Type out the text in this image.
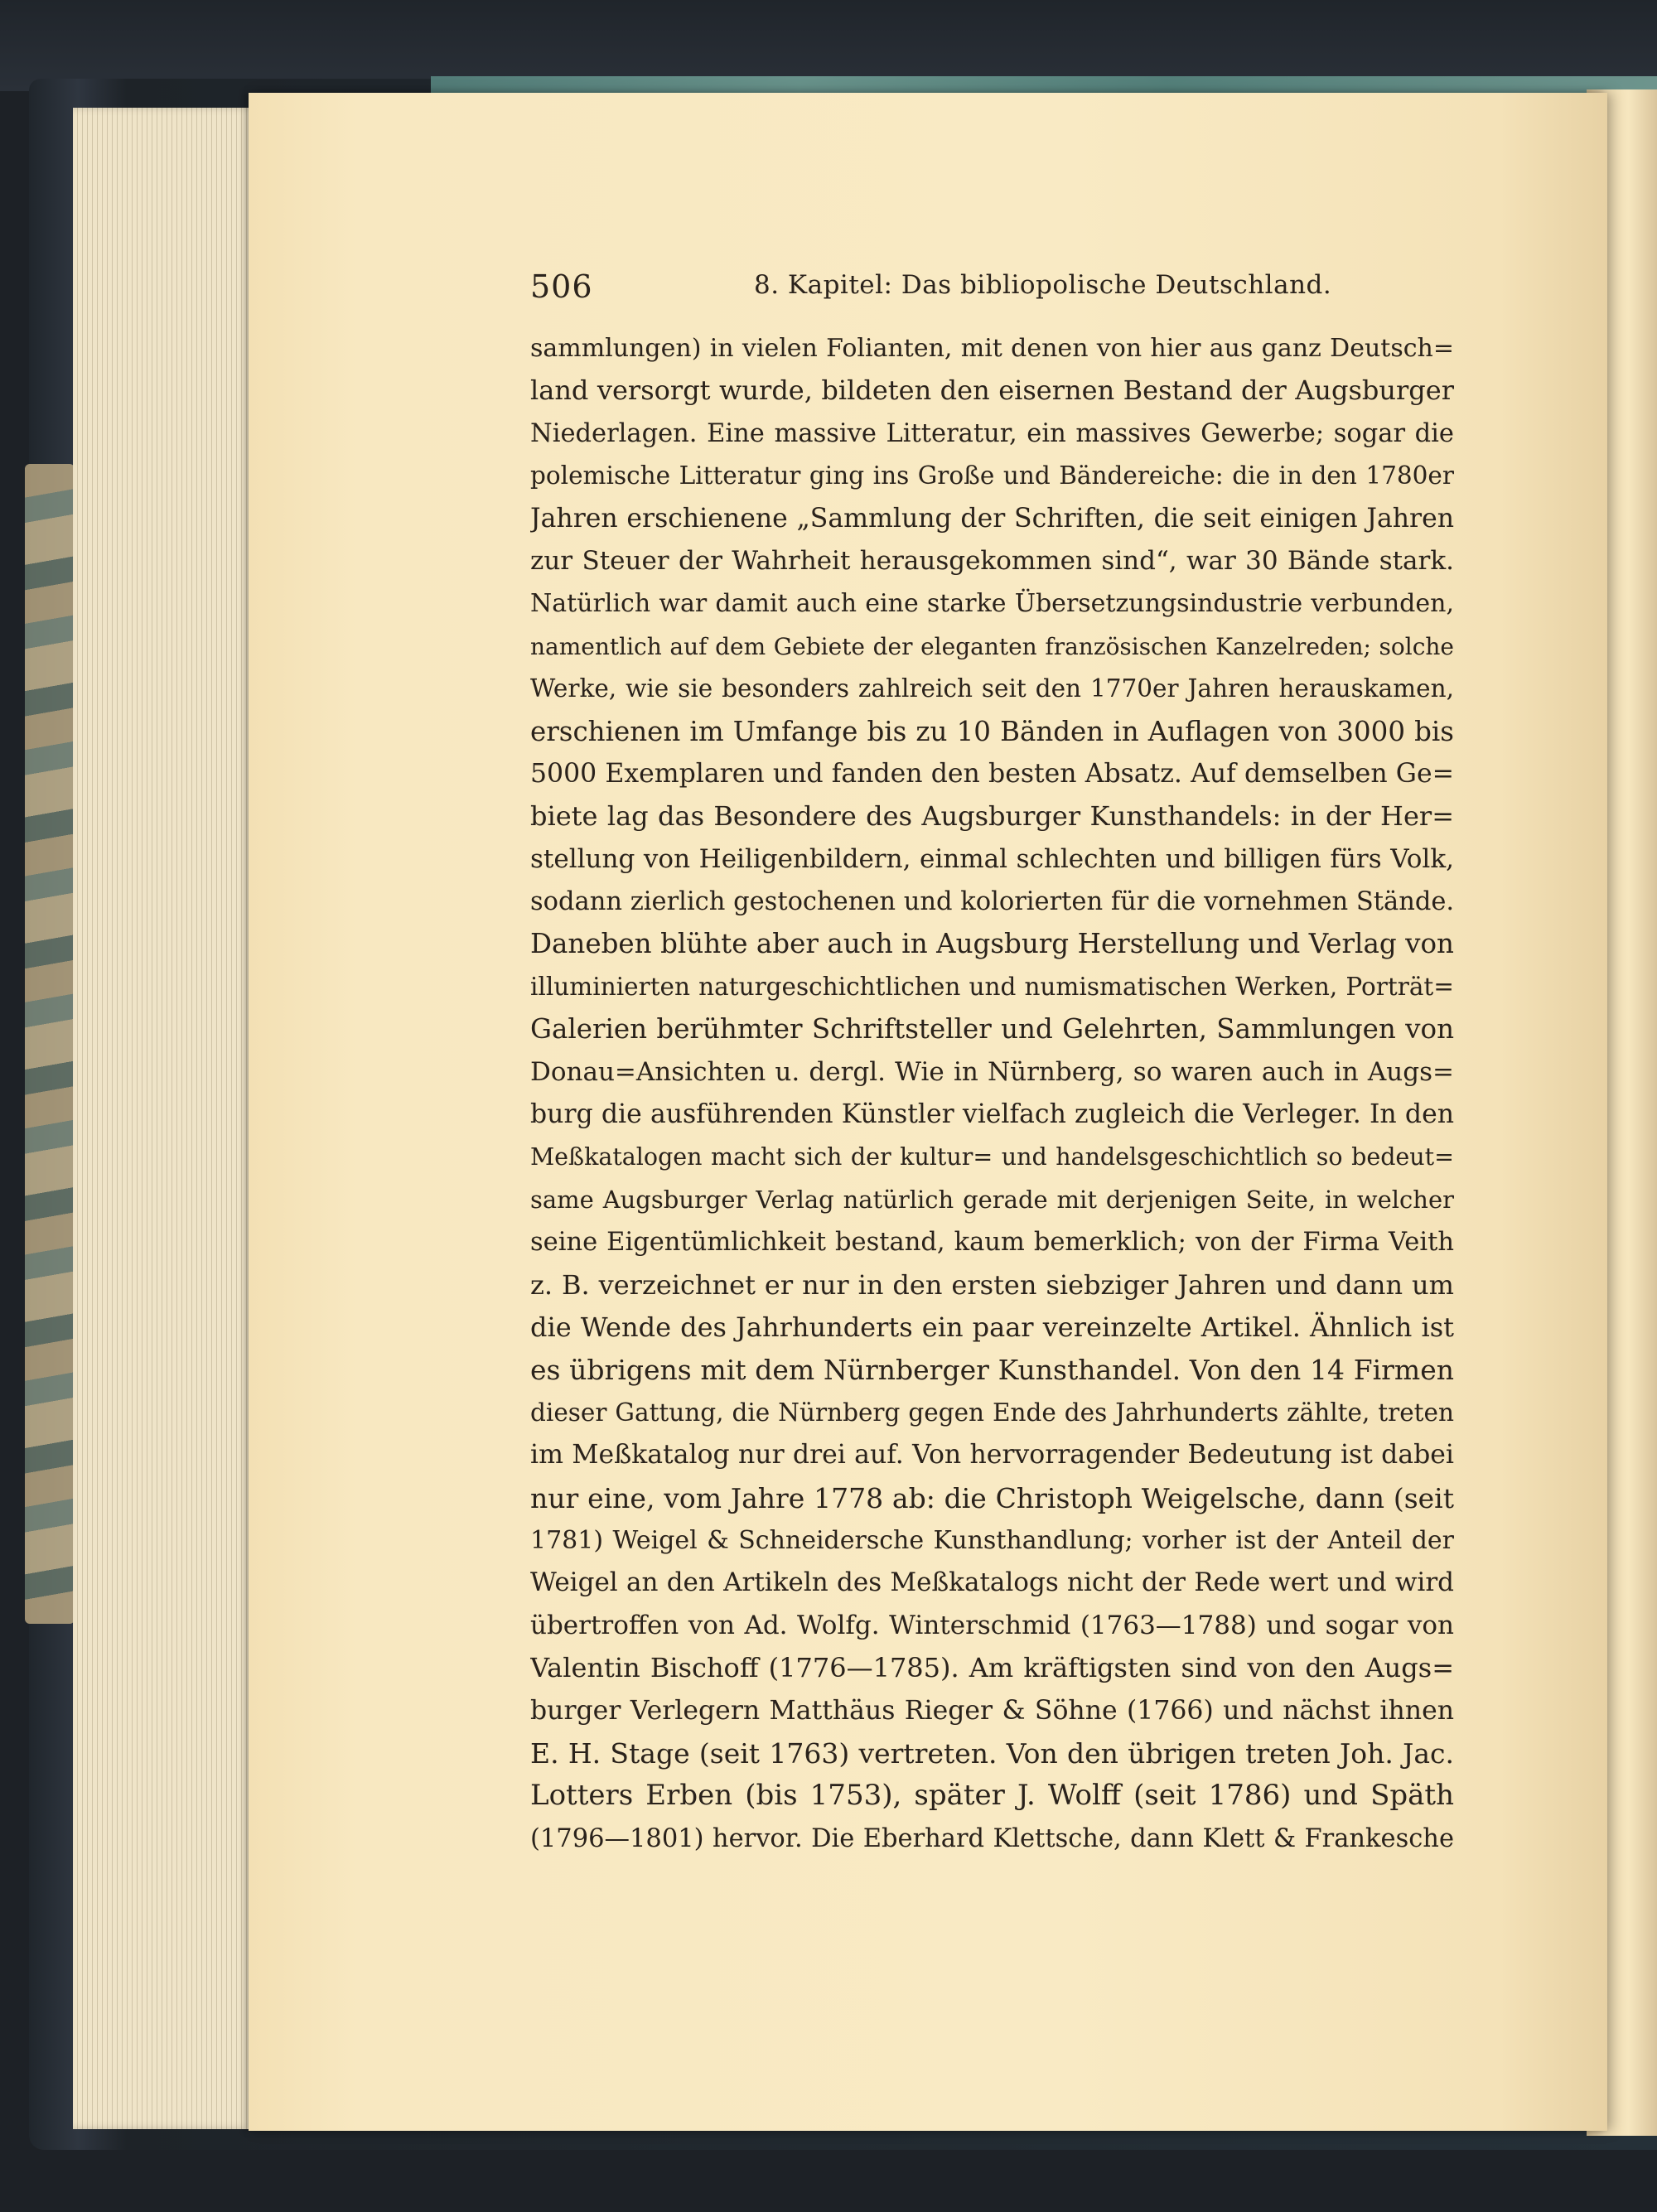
506	8. Kapitel: Das bibliopolische Deutschland.
sammlungen) in vielen Folianten, mit denen von hier aus ganz Deutsch=
land versorgt wurde, bildeten den eisernen Bestand der Augsburger
Niederlagen. Eine massive Litteratur, ein massives Gewerbe; sogar die
polemische Litteratur ging ins Große und Bändereiche: die in den 1780er
Jahren erschienene „Sammlung der Schriften, die seit einigen Jahren
zur Steuer der Wahrheit herausgekommen sind“, war 30 Bände stark.
Natürlich war damit auch eine starke Übersetzungsindustrie verbunden,
namentlich auf dem Gebiete der eleganten französischen Kanzelreden; solche
Werke, wie sie besonders zahlreich seit den 1770er Jahren herauskamen,
erschienen im Umfange bis zu 10 Bänden in Auflagen von 3000 bis
5000 Exemplaren und fanden den besten Absatz. Auf demselben Ge=
biete lag das Besondere des Augsburger Kunsthandels: in der Her=
stellung von Heiligenbildern, einmal schlechten und billigen fürs Volk,
sodann zierlich gestochenen und kolorierten für die vornehmen Stände.
Daneben blühte aber auch in Augsburg Herstellung und Verlag von
illuminierten naturgeschichtlichen und numismatischen Werken, Porträt=
Galerien berühmter Schriftsteller und Gelehrten, Sammlungen von
Donau=Ansichten u. dergl. Wie in Nürnberg, so waren auch in Augs=
burg die ausführenden Künstler vielfach zugleich die Verleger. In den
Meßkatalogen macht sich der kultur= und handelsgeschichtlich so bedeut=
same Augsburger Verlag natürlich gerade mit derjenigen Seite, in welcher
seine Eigentümlichkeit bestand, kaum bemerklich; von der Firma Veith
z. B. verzeichnet er nur in den ersten siebziger Jahren und dann um
die Wende des Jahrhunderts ein paar vereinzelte Artikel. Ähnlich ist
es übrigens mit dem Nürnberger Kunsthandel. Von den 14 Firmen
dieser Gattung, die Nürnberg gegen Ende des Jahrhunderts zählte, treten
im Meßkatalog nur drei auf. Von hervorragender Bedeutung ist dabei
nur eine, vom Jahre 1778 ab: die Christoph Weigelsche, dann (seit
1781) Weigel & Schneidersche Kunsthandlung; vorher ist der Anteil der
Weigel an den Artikeln des Meßkatalogs nicht der Rede wert und wird
übertroffen von Ad. Wolfg. Winterschmid (1763—1788) und sogar von
Valentin Bischoff (1776—1785). Am kräftigsten sind von den Augs=
burger Verlegern Matthäus Rieger & Söhne (1766) und nächst ihnen
E. H. Stage (seit 1763) vertreten. Von den übrigen treten Joh. Jac.
Lotters Erben (bis 1753), später J. Wolff (seit 1786) und Späth
(1796—1801) hervor. Die Eberhard Klettsche, dann Klett & Frankesche
